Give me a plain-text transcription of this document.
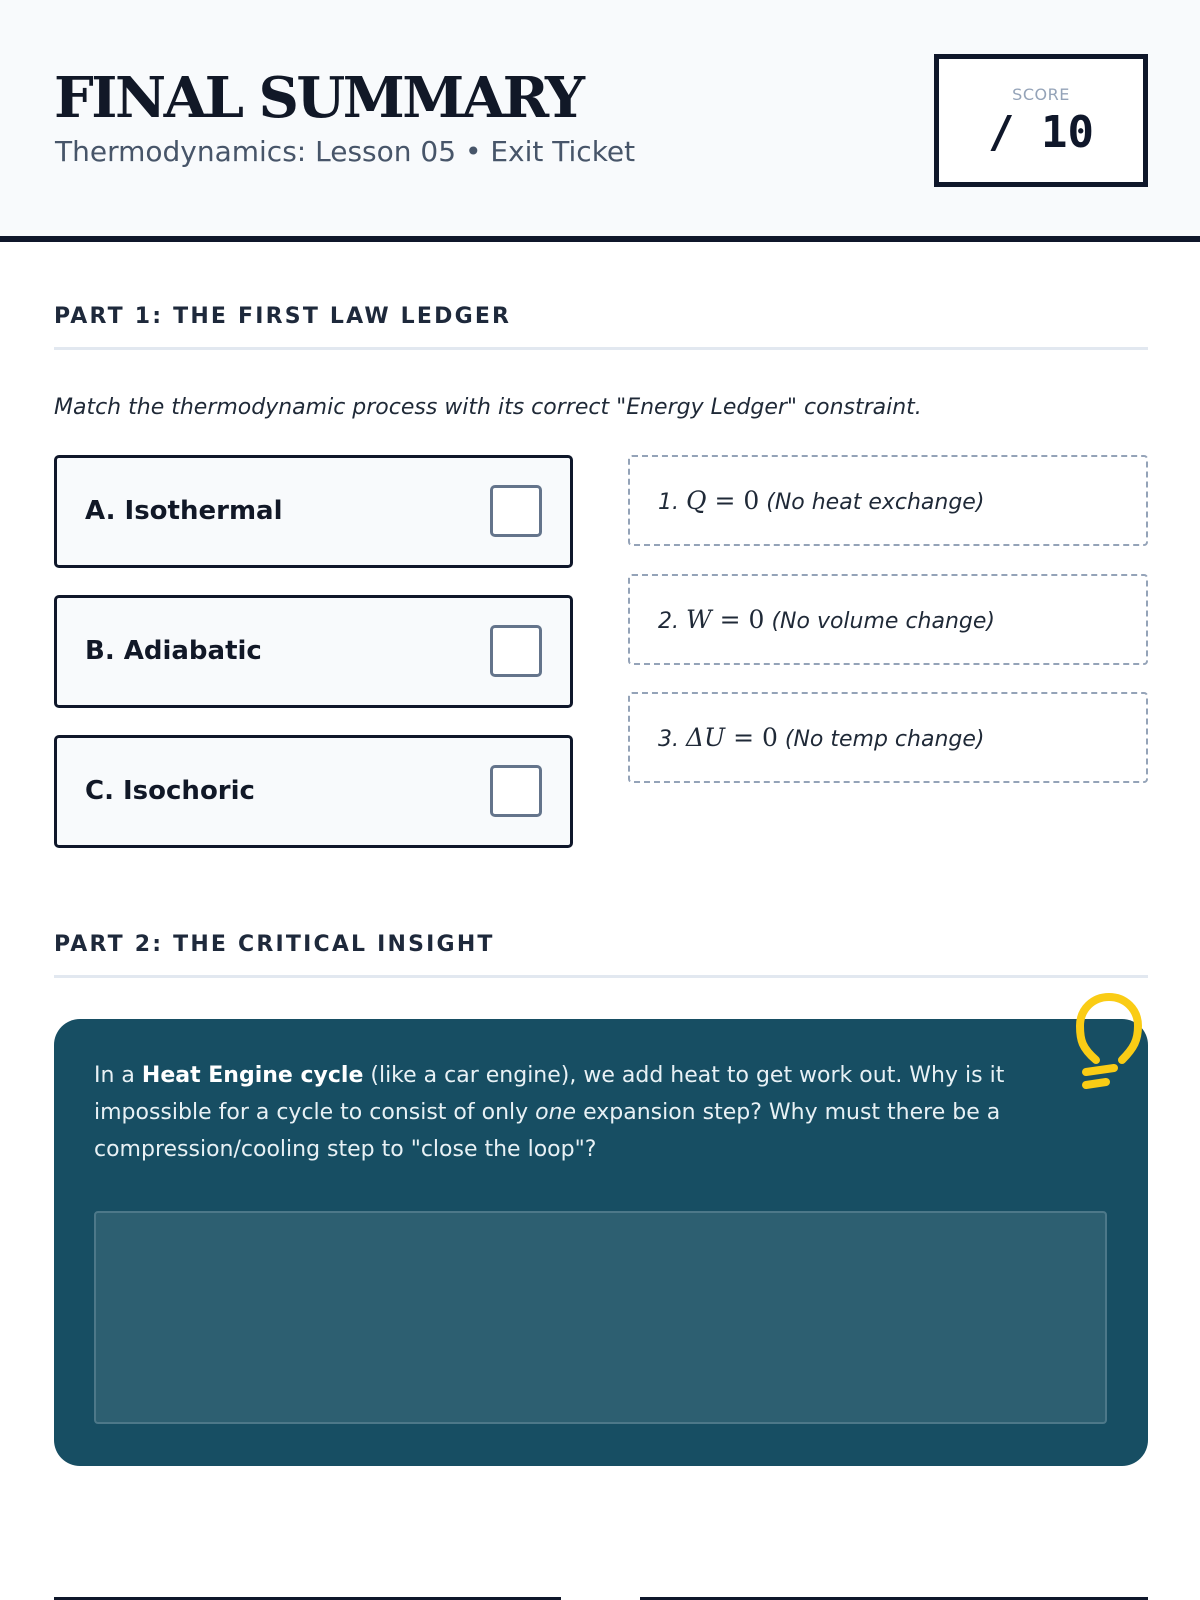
FINAL SUMMARY
Thermodynamics: Lesson 05 • Exit Ticket
SCORE
/ 10
PART 1: THE FIRST LAW LEDGER

Match the thermodynamic process with its correct "Energy Ledger" constraint.

A. Isothermal
B. Adiabatic
C. Isochoric
1. Q = 0 (No heat exchange)
2. W = 0 (No volume change)
3. ΔU = 0 (No temp change)
PART 2: THE CRITICAL INSIGHT

In a Heat Engine cycle (like a car engine), we add heat to get work out. Why is it impossible for a cycle to consist of only one expansion step? Why must there be a compression/cooling step to "close the loop"?
